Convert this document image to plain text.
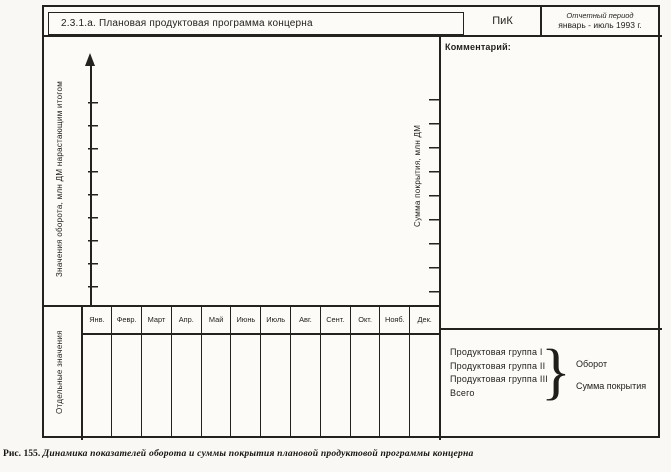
2.3.1.а. Плановая продуктовая программа концерна	ПиК	Отчетный период
январь - июль 1993 г.
Значения оборота, млн ДМ нарастающим итогом	Сумма покрытия, млн ДМ
Янв.	Февр.	Март	Апр.	Май	Июнь	Июль	Авг.	Сент.	Окт.	Нояб.	Дек.
Отдельные значения
Комментарий:
Продуктовая группа I
Продуктовая группа II
Продуктовая группа III
Всего	} Оборот
Сумма покрытия
Рис. 155. Динамика показателей оборота и суммы покрытия плановой продуктовой программы концерна
